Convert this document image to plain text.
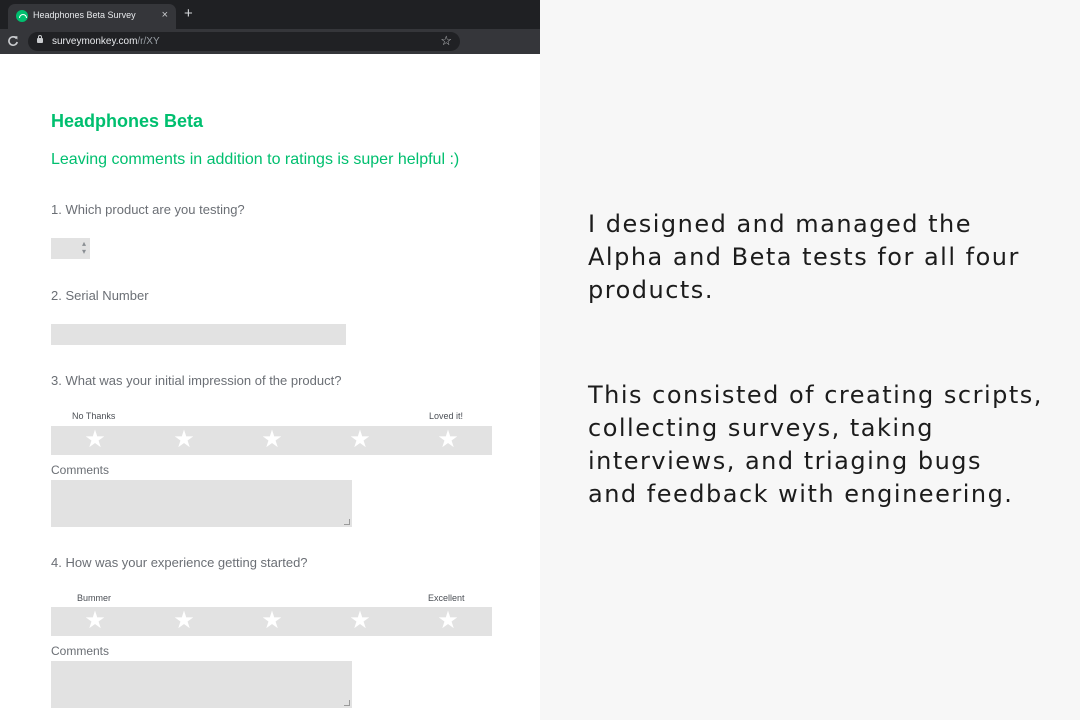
Headphones Beta Survey × +
surveymonkey.com/r/XY	☆
Headphones Beta
Leaving comments in addition to ratings is super helpful :)
1. Which product are you testing?
▴
▾
2. Serial Number
3. What was your initial impression of the product?
No Thanks	Loved it!
★	★	★	★	★
Comments
4. How was your experience getting started?
Bummer	Excellent
★	★	★	★	★
Comments
I designed and managed the
Alpha and Beta tests for all four
products.
This consisted of creating scripts,
collecting surveys, taking
interviews, and triaging bugs
and feedback with engineering.
